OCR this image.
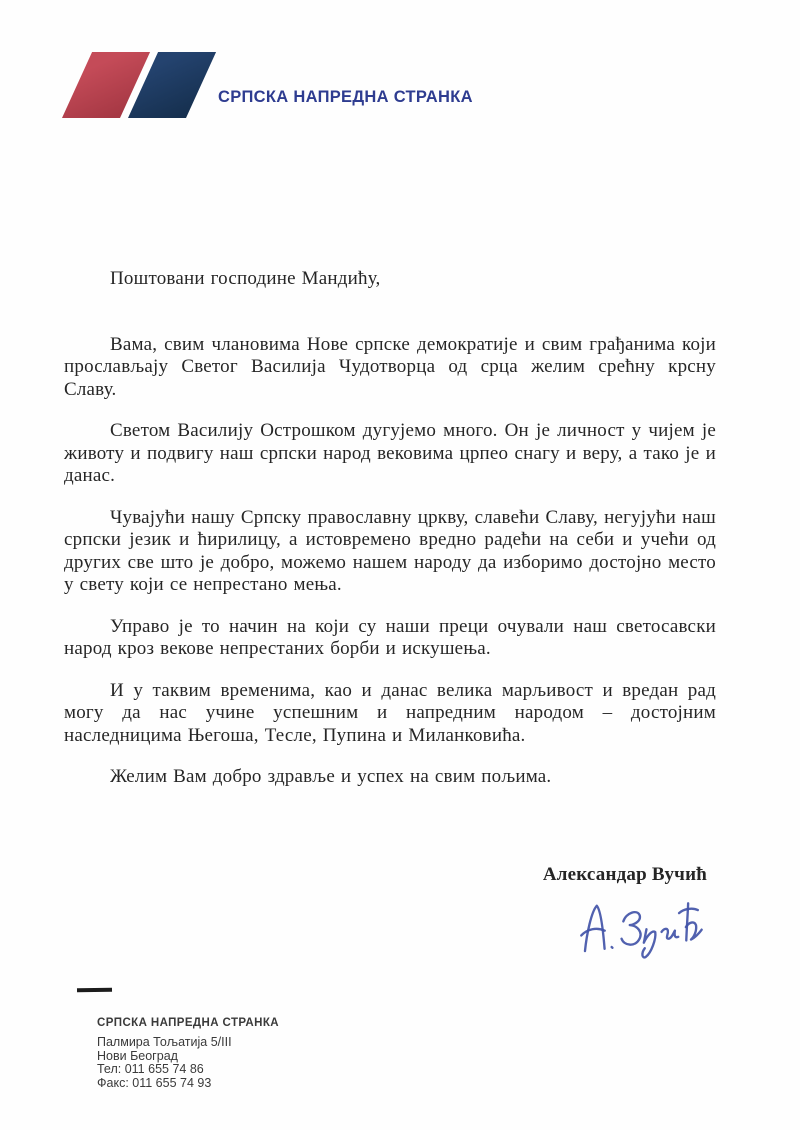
СРПСКА НАПРЕДНА СТРАНКА

Поштовани господине Мандићу,

Вама, свим члановима Нове српске демократије и свим грађанима који прослављају Светог Василија Чудотворца од срца желим срећну крсну Славу.

Светом Василију Острошком дугујемо много. Он је личност у чијем је животу и подвигу наш српски народ вековима црпео снагу и веру, а тако је и данас.

Чувајући нашу Српску православну цркву, славећи Славу, негујући наш српски језик и ћирилицу, а истовремено вредно радећи на себи и учећи од других све што је добро, можемо нашем народу да изборимо достојно место у свету који се непрестано мења.

Управо је то начин на који су наши преци очували наш светосавски народ кроз векове непрестаних борби и искушења.

И у таквим временима, као и данас велика марљивост и вредан рад могу да нас учине успешним и напредним народом – достојним наследницима Његоша, Тесле, Пупина и Миланковића.

Желим Вам добро здравље и успех на свим пољима.

Александар Вучић

СРПСКА НАПРЕДНА СТРАНКА

Палмира Тољатија 5/III

Нови Београд

Тел: 011 655 74 86

Факс: 011 655 74 93
